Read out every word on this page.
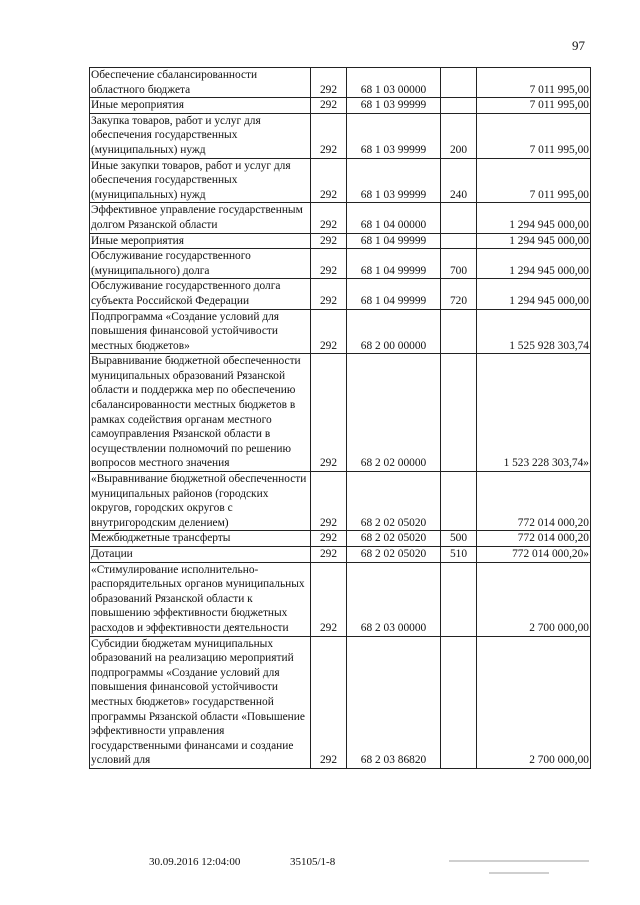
97
Обеспечение сбалансированности областного бюджета	292	68 1 03 00000		7 011 995,00
Иные мероприятия	292	68 1 03 99999		7 011 995,00
Закупка товаров, работ и услуг для обеспечения государственных (муниципальных) нужд	292	68 1 03 99999	200	7 011 995,00
Иные закупки товаров, работ и услуг для обеспечения государственных (муниципальных) нужд	292	68 1 03 99999	240	7 011 995,00
Эффективное управление государственным долгом Рязанской области	292	68 1 04 00000		1 294 945 000,00
Иные мероприятия	292	68 1 04 99999		1 294 945 000,00
Обслуживание государственного (муниципального) долга	292	68 1 04 99999	700	1 294 945 000,00
Обслуживание государственного долга субъекта Российской Федерации	292	68 1 04 99999	720	1 294 945 000,00
Подпрограмма «Создание условий для повышения финансовой устойчивости местных бюджетов»	292	68 2 00 00000		1 525 928 303,74
Выравнивание бюджетной обеспеченности муниципальных образований Рязанской области и поддержка мер по обеспечению сбалансированности местных бюджетов в рамках содействия органам местного самоуправления Рязанской области в осуществлении полномочий по решению вопросов местного значения	292	68 2 02 00000		1 523 228 303,74»
«Выравнивание бюджетной обеспеченности муниципальных районов (городских округов, городских округов с внутригородским делением)	292	68 2 02 05020		772 014 000,20
Межбюджетные трансферты	292	68 2 02 05020	500	772 014 000,20
Дотации	292	68 2 02 05020	510	772 014 000,20»
«Стимулирование исполнительно-распорядительных органов муниципальных образований Рязанской области к повышению эффективности бюджетных расходов и эффективности деятельности	292	68 2 03 00000		2 700 000,00
Субсидии бюджетам муниципальных образований на реализацию мероприятий подпрограммы «Создание условий для повышения финансовой устойчивости местных бюджетов» государственной программы Рязанской области «Повышение эффективности управления государственными финансами и создание условий для	292	68 2 03 86820		2 700 000,00
30.09.2016 12:04:00	35105/1-8
